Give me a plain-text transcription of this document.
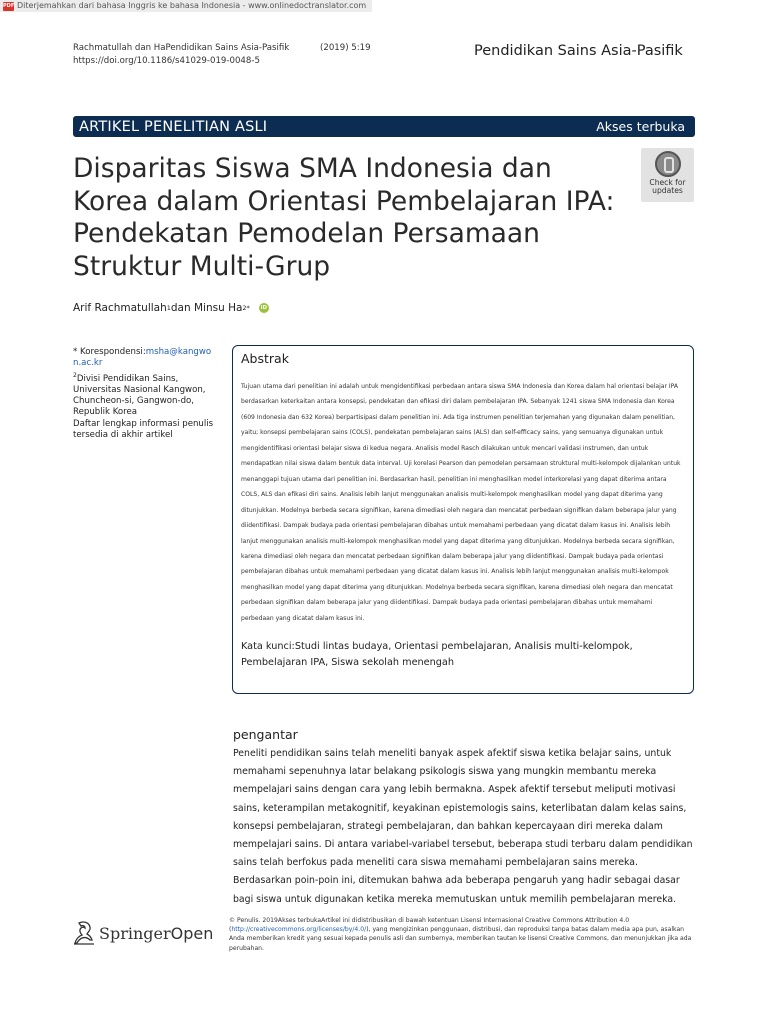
PDF Diterjemahkan dari bahasa Inggris ke bahasa Indonesia - www.onlinedoctranslator.com
Rachmatullah dan HaPendidikan Sains Asia-Pasifik	(2019) 5:19
https://doi.org/10.1186/s41029-019-0048-5
Pendidikan Sains Asia-Pasifik
ARTIKEL PENELITIAN ASLI	Akses terbuka
Disparitas Siswa SMA Indonesia dan Korea dalam Orientasi Pembelajaran IPA: Pendekatan Pemodelan Persamaan Struktur Multi-Grup
Check for
updates
Arif Rachmatullah 1 dan Minsu Ha 2*	iD
* Korespondensi:msha@kangwon.ac.kr
$^2$Divisi Pendidikan Sains, Universitas Nasional Kangwon, Chuncheon-si, Gangwon-do, Republik Korea
Daftar lengkap informasi penulis tersedia di akhir artikel
Abstrak
Tujuan utama dari penelitian ini adalah untuk mengidentifikasi perbedaan antara siswa SMA Indonesia dan Korea dalam hal orientasi belajar IPA berdasarkan keterkaitan antara konsepsi, pendekatan dan efikasi diri dalam pembelajaran IPA. Sebanyak 1241 siswa SMA Indonesia dan Korea (609 Indonesia dan 632 Korea) berpartisipasi dalam penelitian ini. Ada tiga instrumen penelitian terjemahan yang digunakan dalam penelitian, yaitu; konsepsi pembelajaran sains (COLS), pendekatan pembelajaran sains (ALS) dan self-efficacy sains, yang semuanya digunakan untuk mengidentifikasi orientasi belajar siswa di kedua negara. Analisis model Rasch dilakukan untuk mencari validasi instrumen, dan untuk mendapatkan nilai siswa dalam bentuk data interval. Uji korelasi Pearson dan pemodelan persamaan struktural multi-kelompok dijalankan untuk menanggapi tujuan utama dari penelitian ini. Berdasarkan hasil, penelitian ini menghasilkan model interkorelasi yang dapat diterima antara COLS, ALS dan efikasi diri sains. Analisis lebih lanjut menggunakan analisis multi-kelompok menghasilkan model yang dapat diterima yang ditunjukkan. Modelnya berbeda secara signifikan, karena dimediasi oleh negara dan mencatat perbedaan signifikan dalam beberapa jalur yang diidentifikasi. Dampak budaya pada orientasi pembelajaran dibahas untuk memahami perbedaan yang dicatat dalam kasus ini. Analisis lebih lanjut menggunakan analisis multi-kelompok menghasilkan model yang dapat diterima yang ditunjukkan. Modelnya berbeda secara signifikan, karena dimediasi oleh negara dan mencatat perbedaan signifikan dalam beberapa jalur yang diidentifikasi. Dampak budaya pada orientasi pembelajaran dibahas untuk memahami perbedaan yang dicatat dalam kasus ini. Analisis lebih lanjut menggunakan analisis multi-kelompok menghasilkan model yang dapat diterima yang ditunjukkan. Modelnya berbeda secara signifikan, karena dimediasi oleh negara dan mencatat perbedaan signifikan dalam beberapa jalur yang diidentifikasi. Dampak budaya pada orientasi pembelajaran dibahas untuk memahami perbedaan yang dicatat dalam kasus ini.
Kata kunci:Studi lintas budaya, Orientasi pembelajaran, Analisis multi-kelompok, Pembelajaran IPA, Siswa sekolah menengah
pengantar
Peneliti pendidikan sains telah meneliti banyak aspek afektif siswa ketika belajar sains, untuk memahami sepenuhnya latar belakang psikologis siswa yang mungkin membantu mereka mempelajari sains dengan cara yang lebih bermakna. Aspek afektif tersebut meliputi motivasi sains, keterampilan metakognitif, keyakinan epistemologis sains, keterlibatan dalam kelas sains, konsepsi pembelajaran, strategi pembelajaran, dan bahkan kepercayaan diri mereka dalam mempelajari sains. Di antara variabel-variabel tersebut, beberapa studi terbaru dalam pendidikan sains telah berfokus pada meneliti cara siswa memahami pembelajaran sains mereka. Berdasarkan poin-poin ini, ditemukan bahwa ada beberapa pengaruh yang hadir sebagai dasar bagi siswa untuk digunakan ketika mereka memutuskan untuk memilih pembelajaran mereka.
SpringerOpen
© Penulis. 2019Akses terbukaArtikel ini didistribusikan di bawah ketentuan Lisensi Internasional Creative Commons Attribution 4.0 (http://creativecommons.org/licenses/by/4.0/), yang mengizinkan penggunaan, distribusi, dan reproduksi tanpa batas dalam media apa pun, asalkan Anda memberikan kredit yang sesuai kepada penulis asli dan sumbernya, memberikan tautan ke lisensi Creative Commons, dan menunjukkan jika ada perubahan.
